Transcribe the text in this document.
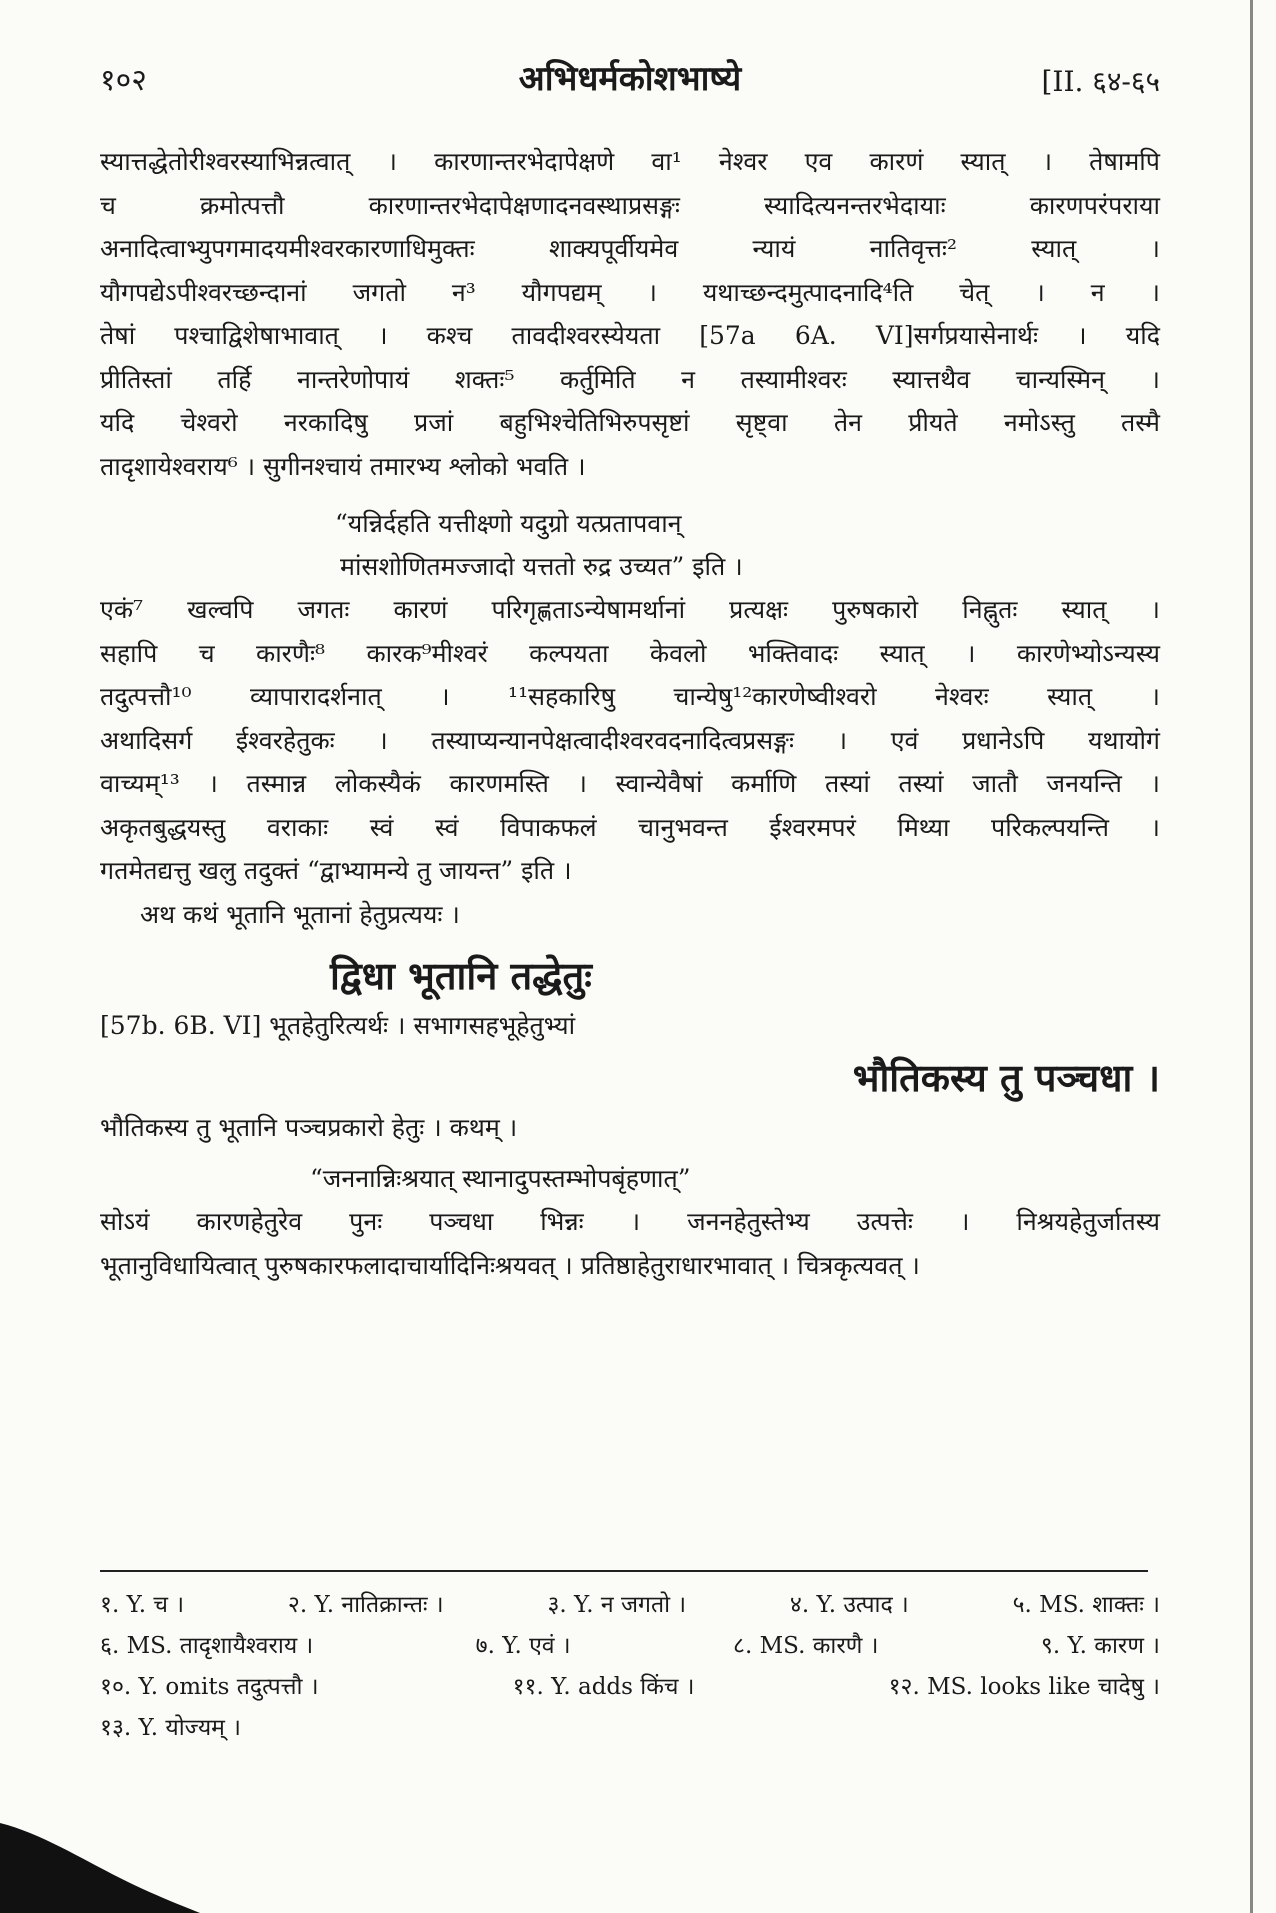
१०२	अभिधर्मकोशभाष्ये	[II. ६४-६५

स्यात्तद्धेतोरीश्वरस्याभिन्नत्वात् । कारणान्तरभेदापेक्षणे वा¹ नेश्वर एव कारणं स्यात् । तेषामपि

च क्रमोत्पत्तौ कारणान्तरभेदापेक्षणादनवस्थाप्रसङ्गः स्यादित्यनन्तरभेदायाः कारणपरंपराया

अनादित्वाभ्युपगमादयमीश्वरकारणाधिमुक्तः शाक्यपूर्वीयमेव न्यायं नातिवृत्तः² स्यात् ।

यौगपद्येऽपीश्वरच्छन्दानां जगतो न³ यौगपद्यम् । यथाच्छन्दमुत्पादनादि⁴ति चेत् । न ।

तेषां पश्चाद्विशेषाभावात् । कश्च तावदीश्वरस्येयता [57a 6A. VI]सर्गप्रयासेनार्थः । यदि

प्रीतिस्तां तर्हि नान्तरेणोपायं शक्तः⁵ कर्तुमिति न तस्यामीश्वरः स्यात्तथैव चान्यस्मिन् ।

यदि चेश्वरो नरकादिषु प्रजां बहुभिश्चेतिभिरुपसृष्टां सृष्ट्वा तेन प्रीयते नमोऽस्तु तस्मै

तादृशायेश्वराय⁶ । सुगीनश्चायं तमारभ्य श्लोको भवति ।

“यन्निर्दहति यत्तीक्ष्णो यदुग्रो यत्प्रतापवान्

मांसशोणितमज्जादो यत्ततो रुद्र उच्यत” इति ।

एकं⁷ खल्वपि जगतः कारणं परिगृह्णताऽन्येषामर्थानां प्रत्यक्षः पुरुषकारो निह्नुतः स्यात् ।

सहापि च कारणैः⁸ कारक⁹मीश्वरं कल्पयता केवलो भक्तिवादः स्यात् । कारणेभ्योऽन्यस्य

तदुत्पत्तौ¹⁰ व्यापारादर्शनात् । ¹¹सहकारिषु चान्येषु¹²कारणेष्वीश्वरो नेश्वरः स्यात् ।

अथादिसर्ग ईश्वरहेतुकः । तस्याप्यन्यानपेक्षत्वादीश्वरवदनादित्वप्रसङ्गः । एवं प्रधानेऽपि यथायोगं

वाच्यम्¹³ । तस्मान्न लोकस्यैकं कारणमस्ति । स्वान्येवैषां कर्माणि तस्यां तस्यां जातौ जनयन्ति ।

अकृतबुद्धयस्तु वराकाः स्वं स्वं विपाकफलं चानुभवन्त ईश्वरमपरं मिथ्या परिकल्पयन्ति ।

गतमेतद्यत्तु खलु तदुक्तं “द्वाभ्यामन्ये तु जायन्त” इति ।

अथ कथं भूतानि भूतानां हेतुप्रत्ययः ।

द्विधा भूतानि तद्धेतुः

[57b. 6B. VI] भूतहेतुरित्यर्थः । सभागसहभूहेतुभ्यां

भौतिकस्य तु पञ्चधा ।

भौतिकस्य तु भूतानि पञ्चप्रकारो हेतुः । कथम् ।

“जननान्निःश्रयात् स्थानादुपस्तम्भोपबृंहणात्”

सोऽयं कारणहेतुरेव पुनः पञ्चधा भिन्नः । जननहेतुस्तेभ्य उत्पत्तेः । निश्रयहेतुर्जातस्य

भूतानुविधायित्वात् पुरुषकारफलादाचार्यादिनिःश्रयवत् । प्रतिष्ठाहेतुराधारभावात् । चित्रकृत्यवत् ।

१. Y. च ।	२. Y. नातिक्रान्तः ।	३. Y. न जगतो ।	४. Y. उत्पाद ।	५. MS. शाक्तः ।
६. MS. तादृशायैश्वराय ।	७. Y. एवं ।	८. MS. कारणै ।	९. Y. कारण ।
१०. Y. omits तदुत्पत्तौ ।	११. Y. adds किंच ।	१२. MS. looks like चादेषु ।
१३. Y. योज्यम् ।
